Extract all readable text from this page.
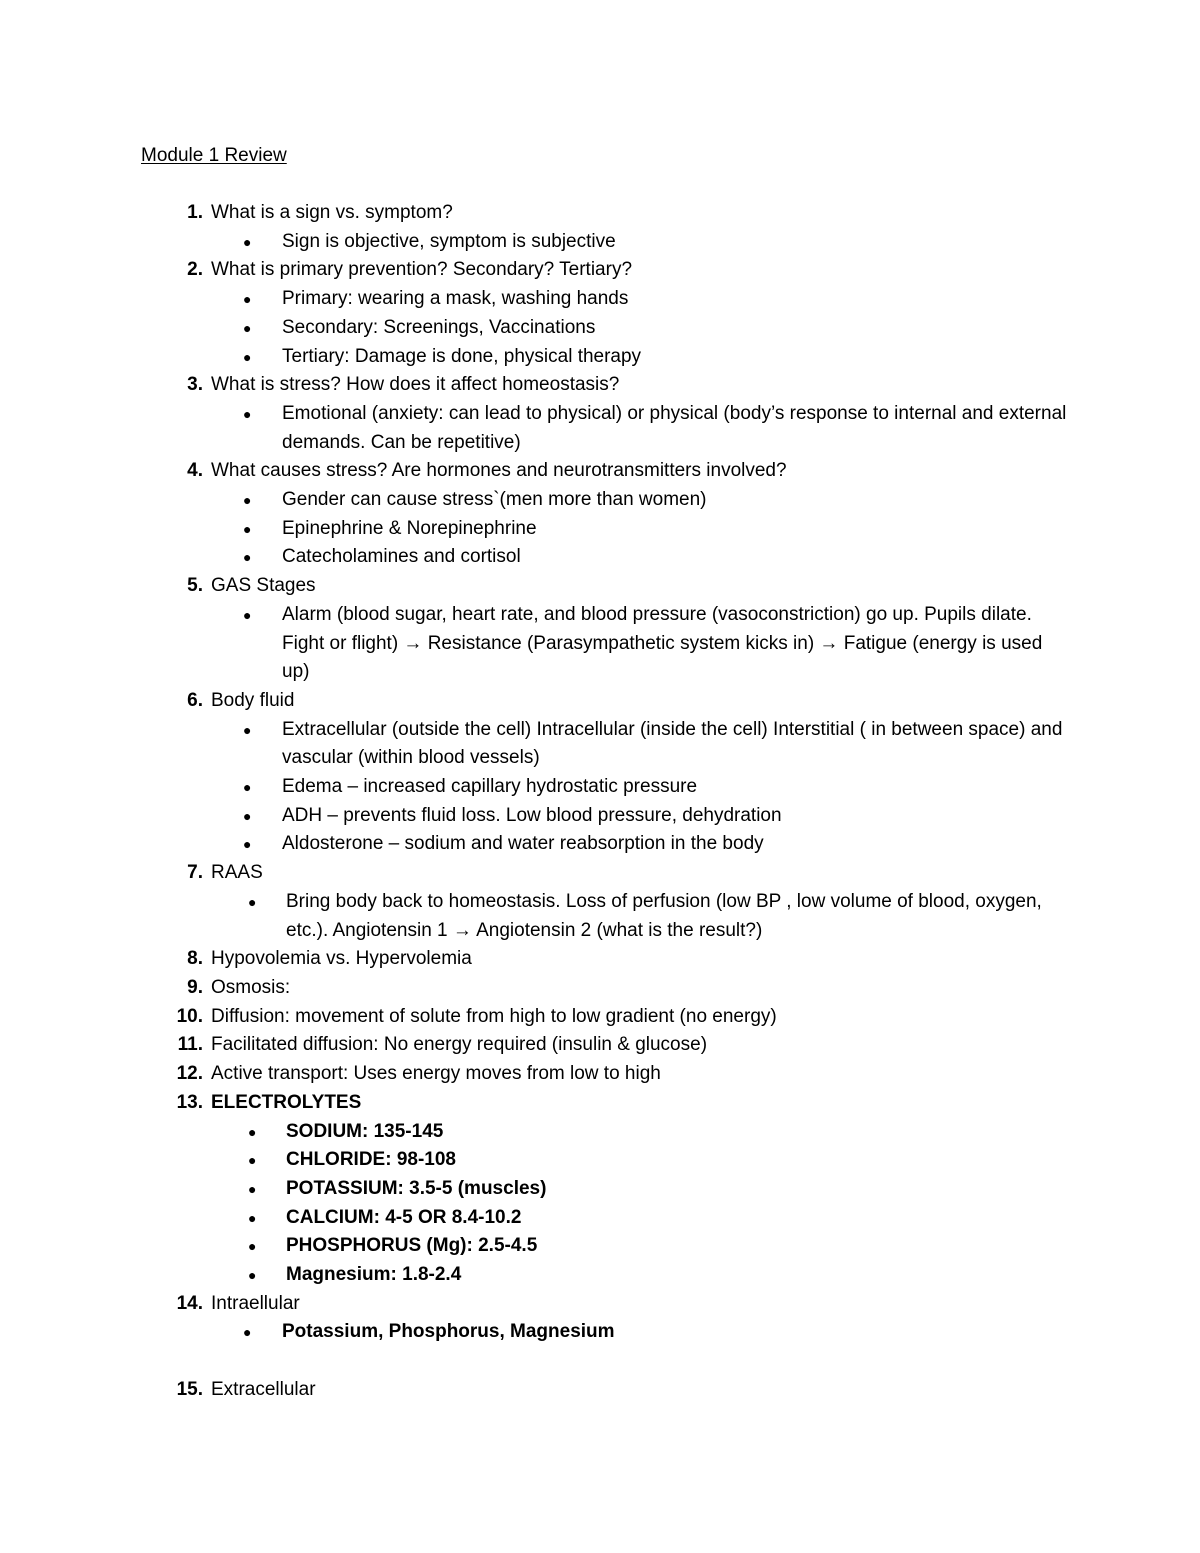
Module 1 Review
1. What is a sign vs. symptom?
●	Sign is objective, symptom is subjective
2. What is primary prevention? Secondary? Tertiary?
●	Primary: wearing a mask, washing hands
●	Secondary: Screenings, Vaccinations
●	Tertiary: Damage is done, physical therapy
3. What is stress? How does it affect homeostasis?
●	Emotional (anxiety: can lead to physical) or physical (body’s response to internal and external demands. Can be repetitive)
4. What causes stress? Are hormones and neurotransmitters involved?
●	Gender can cause stress`(men more than women)
●	Epinephrine & Norepinephrine
●	Catecholamines and cortisol
5. GAS Stages
●	Alarm (blood sugar, heart rate, and blood pressure (vasoconstriction) go up. Pupils dilate. Fight or flight) → Resistance (Parasympathetic system kicks in) → Fatigue (energy is used up)
6. Body fluid
●	Extracellular (outside the cell) Intracellular (inside the cell) Interstitial ( in between space) and vascular (within blood vessels)
●	Edema – increased capillary hydrostatic pressure
●	ADH – prevents fluid loss. Low blood pressure, dehydration
●	Aldosterone – sodium and water reabsorption in the body
7. RAAS
●	Bring body back to homeostasis. Loss of perfusion (low BP , low volume of blood, oxygen, etc.). Angiotensin 1 → Angiotensin 2 (what is the result?)
8. Hypovolemia vs. Hypervolemia
9. Osmosis:
10. Diffusion: movement of solute from high to low gradient (no energy)
11. Facilitated diffusion: No energy required (insulin & glucose)
12. Active transport: Uses energy moves from low to high
13. ELECTROLYTES
●	SODIUM: 135-145
●	CHLORIDE: 98-108
●	POTASSIUM: 3.5-5 (muscles)
●	CALCIUM: 4-5 OR 8.4-10.2
●	PHOSPHORUS (Mg): 2.5-4.5
●	Magnesium: 1.8-2.4
14. Intraellular
●	Potassium, Phosphorus, Magnesium
15. Extracellular
